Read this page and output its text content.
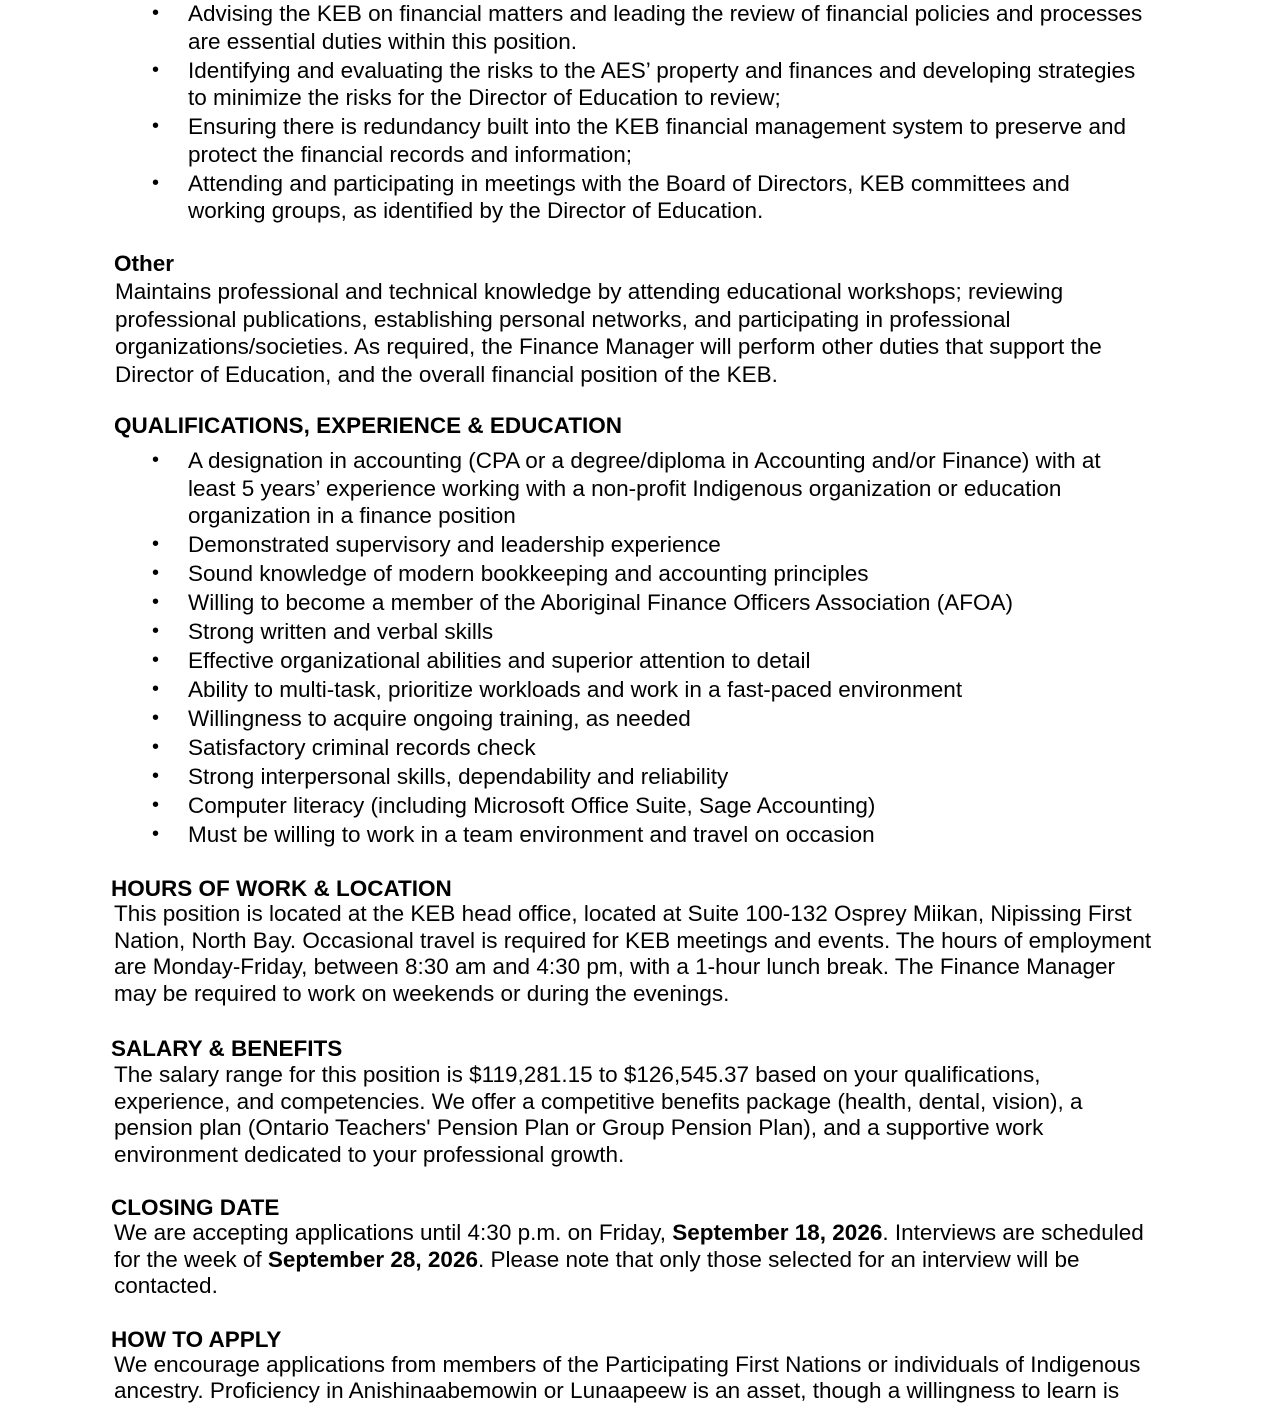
• Advising the KEB on financial matters and leading the review of financial policies and processes are essential duties within this position.
• Identifying and evaluating the risks to the AES’ property and finances and developing strategies to minimize the risks for the Director of Education to review;
• Ensuring there is redundancy built into the KEB financial management system to preserve and protect the financial records and information;
• Attending and participating in meetings with the Board of Directors, KEB committees and working groups, as identified by the Director of Education.
Other
Maintains professional and technical knowledge by attending educational workshops; reviewing professional publications, establishing personal networks, and participating in professional organizations/societies. As required, the Finance Manager will perform other duties that support the Director of Education, and the overall financial position of the KEB.
QUALIFICATIONS, EXPERIENCE & EDUCATION
• A designation in accounting (CPA or a degree/diploma in Accounting and/or Finance) with at least 5 years’ experience working with a non-profit Indigenous organization or education organization in a finance position
• Demonstrated supervisory and leadership experience
• Sound knowledge of modern bookkeeping and accounting principles
• Willing to become a member of the Aboriginal Finance Officers Association (AFOA)
• Strong written and verbal skills
• Effective organizational abilities and superior attention to detail
• Ability to multi-task, prioritize workloads and work in a fast-paced environment
• Willingness to acquire ongoing training, as needed
• Satisfactory criminal records check
• Strong interpersonal skills, dependability and reliability
• Computer literacy (including Microsoft Office Suite, Sage Accounting)
• Must be willing to work in a team environment and travel on occasion
HOURS OF WORK & LOCATION
This position is located at the KEB head office, located at Suite 100-132 Osprey Miikan, Nipissing First Nation, North Bay. Occasional travel is required for KEB meetings and events. The hours of employment are Monday-Friday, between 8:30 am and 4:30 pm, with a 1-hour lunch break. The Finance Manager may be required to work on weekends or during the evenings.
SALARY & BENEFITS
The salary range for this position is $119,281.15 to $126,545.37 based on your qualifications, experience, and competencies. We offer a competitive benefits package (health, dental, vision), a pension plan (Ontario Teachers' Pension Plan or Group Pension Plan), and a supportive work environment dedicated to your professional growth.
CLOSING DATE
We are accepting applications until 4:30 p.m. on Friday, September 18, 2026. Interviews are scheduled for the week of September 28, 2026. Please note that only those selected for an interview will be contacted.
HOW TO APPLY
We encourage applications from members of the Participating First Nations or individuals of Indigenous ancestry. Proficiency in Anishinaabemowin or Lunaapeew is an asset, though a willingness to learn is
